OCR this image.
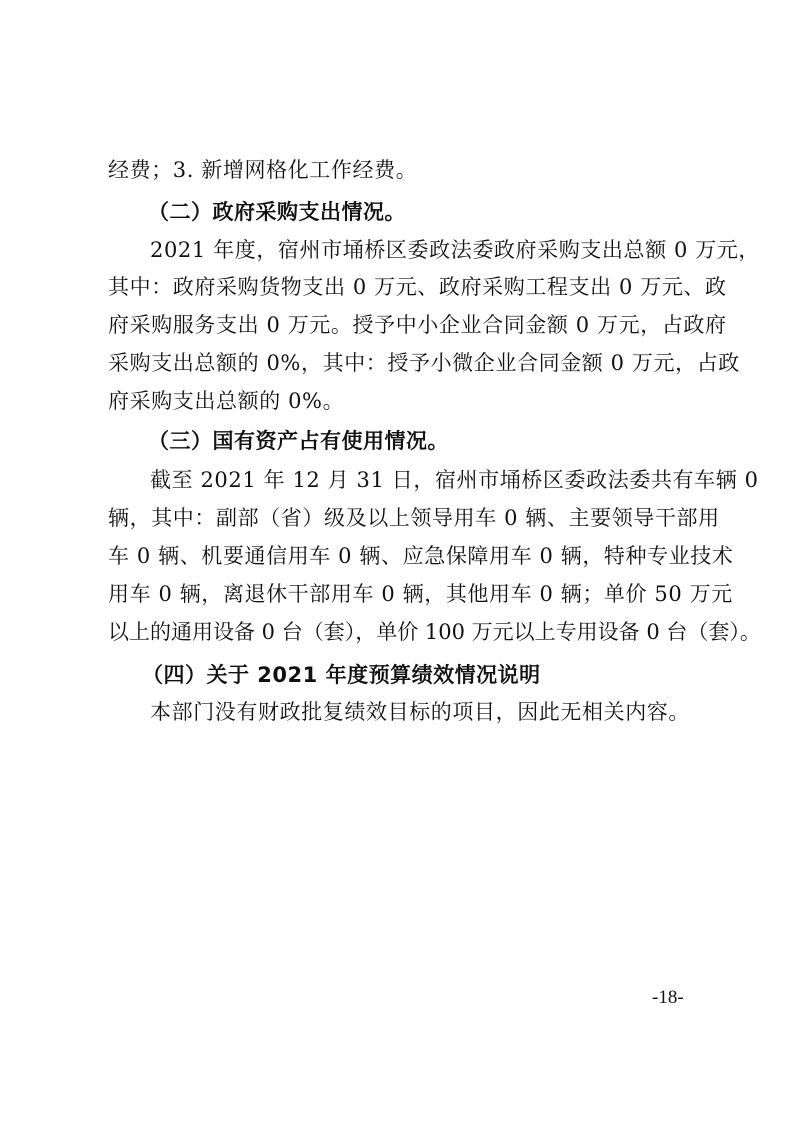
经费；3. 新增网格化工作经费。
（二）政府采购支出情况。
2021 年度，宿州市埇桥区委政法委政府采购支出总额 0 万元，
其中：政府采购货物支出 0 万元、政府采购工程支出 0 万元、政
府采购服务支出 0 万元。授予中小企业合同金额 0 万元，占政府
采购支出总额的 0%，其中：授予小微企业合同金额 0 万元，占政
府采购支出总额的 0%。
（三）国有资产占有使用情况。
截至 2021 年 12 月 31 日，宿州市埇桥区委政法委共有车辆 0
辆，其中：副部（省）级及以上领导用车 0 辆、主要领导干部用
车 0 辆、机要通信用车 0 辆、应急保障用车 0 辆，特种专业技术
用车 0 辆，离退休干部用车 0 辆，其他用车 0 辆；单价 50 万元
以上的通用设备 0 台（套），单价 100 万元以上专用设备 0 台（套）。
（四）关于 2021 年度预算绩效情况说明
本部门没有财政批复绩效目标的项目，因此无相关内容。
-18-
